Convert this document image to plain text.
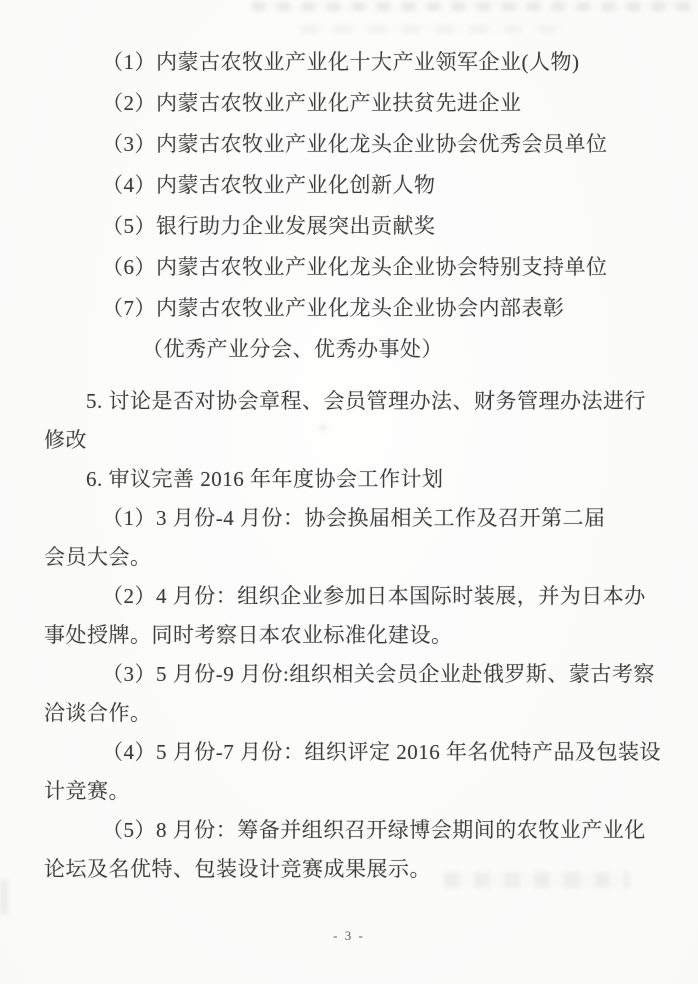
（1）内蒙古农牧业产业化十大产业领军企业(人物)

（2）内蒙古农牧业产业化产业扶贫先进企业

（3）内蒙古农牧业产业化龙头企业协会优秀会员单位

（4）内蒙古农牧业产业化创新人物

（5）银行助力企业发展突出贡献奖

（6）内蒙古农牧业产业化龙头企业协会特别支持单位

（7）内蒙古农牧业产业化龙头企业协会内部表彰

（优秀产业分会、优秀办事处）

5. 讨论是否对协会章程、会员管理办法、财务管理办法进行

修改

6. 审议完善 2016 年年度协会工作计划

（1）3 月份-4 月份：协会换届相关工作及召开第二届

会员大会。

（2）4 月份：组织企业参加日本国际时装展，并为日本办

事处授牌。同时考察日本农业标准化建设。

（3）5 月份-9 月份:组织相关会员企业赴俄罗斯、蒙古考察

洽谈合作。

（4）5 月份-7 月份：组织评定 2016 年名优特产品及包装设

计竞赛。

（5）8 月份：筹备并组织召开绿博会期间的农牧业产业化

论坛及名优特、包装设计竞赛成果展示。

- 3 -
